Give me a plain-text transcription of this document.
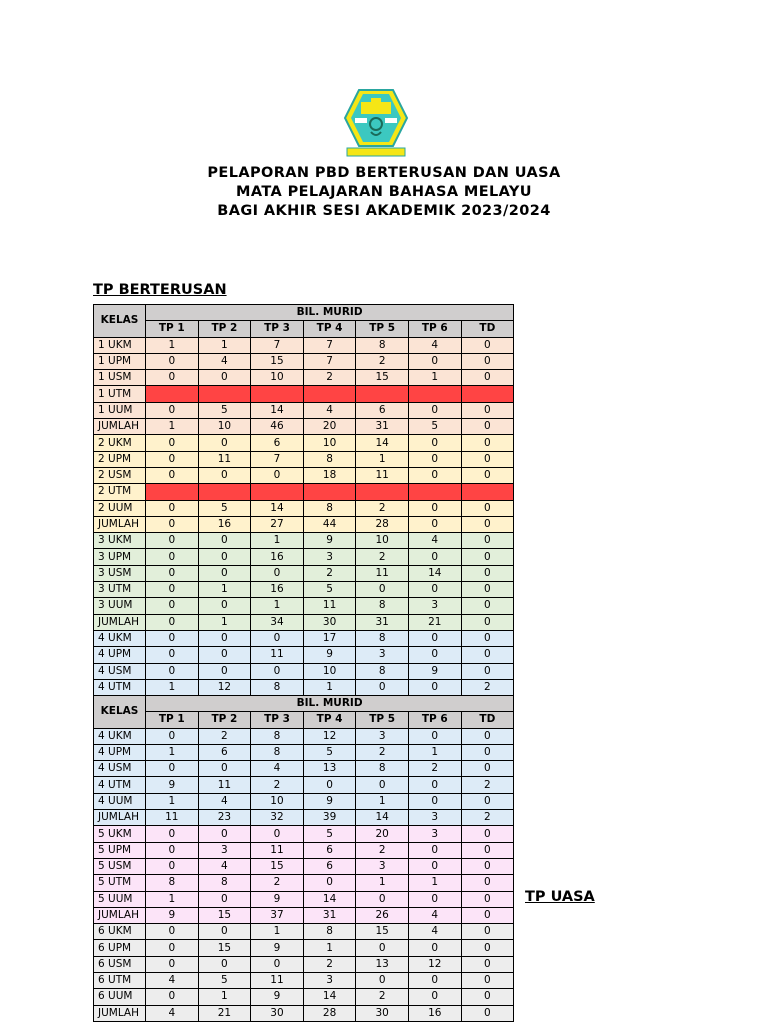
PELAPORAN PBD BERTERUSAN DAN UASA
MATA PELAJARAN BAHASA MELAYU
BAGI AKHIR SESI AKADEMIK 2023/2024
TP BERTERUSAN
TP UASA
KELAS	BIL. MURID						
	TP 1	TP 2	TP 3	TP 4	TP 5	TP 6	TD
1 UKM	1	1	7	7	8	4	0
1 UPM	0	4	15	7	2	0	0
1 USM	0	0	10	2	15	1	0
1 UTM							
1 UUM	0	5	14	4	6	0	0
JUMLAH	1	10	46	20	31	5	0
2 UKM	0	0	6	10	14	0	0
2 UPM	0	11	7	8	1	0	0
2 USM	0	0	0	18	11	0	0
2 UTM							
2 UUM	0	5	14	8	2	0	0
JUMLAH	0	16	27	44	28	0	0
3 UKM	0	0	1	9	10	4	0
3 UPM	0	0	16	3	2	0	0
3 USM	0	0	0	2	11	14	0
3 UTM	0	1	16	5	0	0	0
3 UUM	0	0	1	11	8	3	0
JUMLAH	0	1	34	30	31	21	0
4 UKM	0	0	0	17	8	0	0
4 UPM	0	0	11	9	3	0	0
4 USM	0	0	0	10	8	9	0
4 UTM	1	12	8	1	0	0	2
KELAS	BIL. MURID						
	TP 1	TP 2	TP 3	TP 4	TP 5	TP 6	TD
4 UKM	0	2	8	12	3	0	0
4 UPM	1	6	8	5	2	1	0
4 USM	0	0	4	13	8	2	0
4 UTM	9	11	2	0	0	0	2
4 UUM	1	4	10	9	1	0	0
JUMLAH	11	23	32	39	14	3	2
5 UKM	0	0	0	5	20	3	0
5 UPM	0	3	11	6	2	0	0
5 USM	0	4	15	6	3	0	0
5 UTM	8	8	2	0	1	1	0
5 UUM	1	0	9	14	0	0	0
JUMLAH	9	15	37	31	26	4	0
6 UKM	0	0	1	8	15	4	0
6 UPM	0	15	9	1	0	0	0
6 USM	0	0	0	2	13	12	0
6 UTM	4	5	11	3	0	0	0
6 UUM	0	1	9	14	2	0	0
JUMLAH	4	21	30	28	30	16	0
